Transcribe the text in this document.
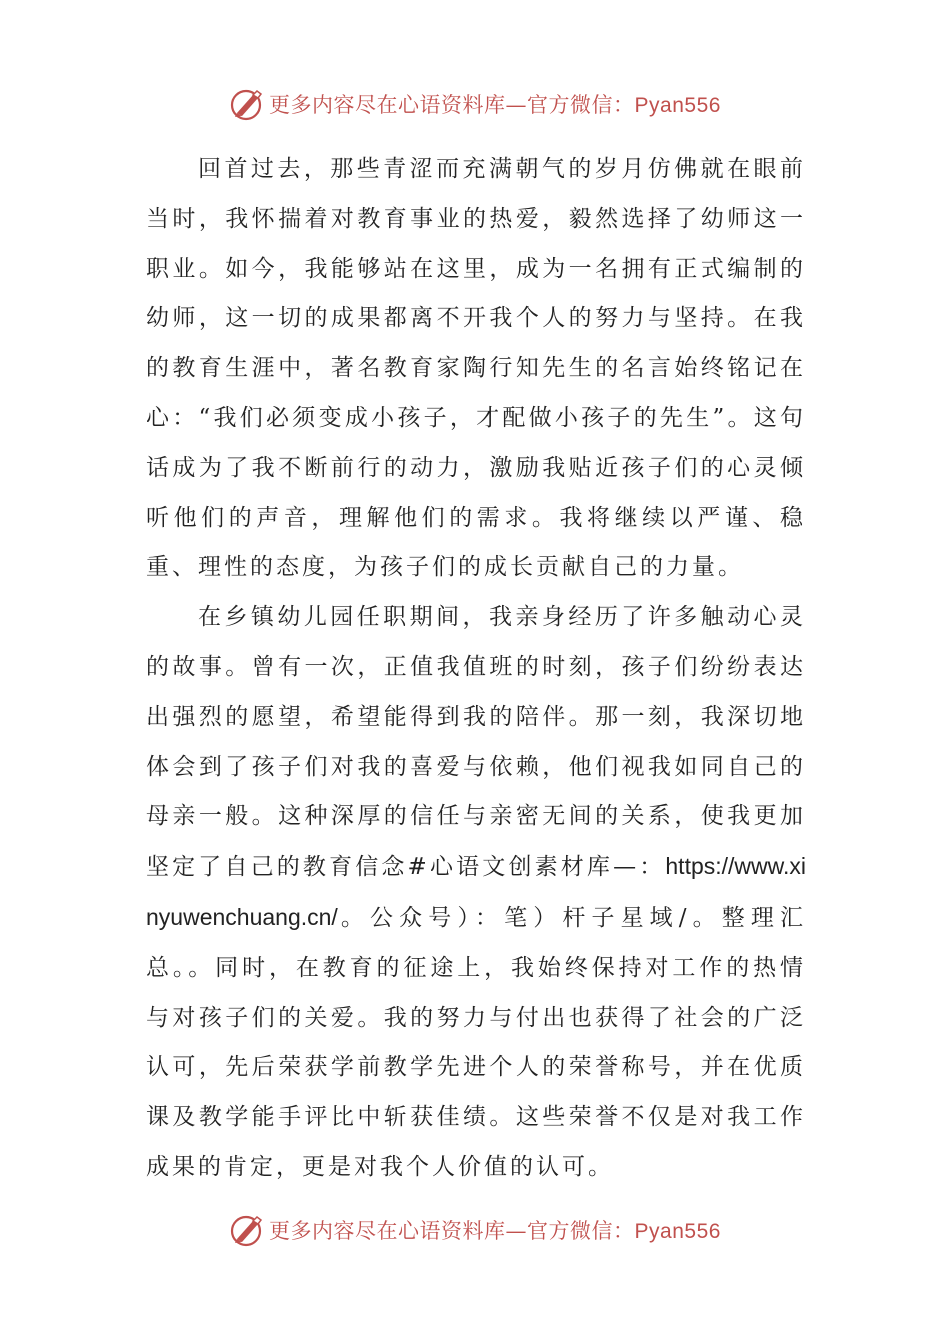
更多内容尽在心语资料库—官方微信：Pyan556

回首过去，那些青涩而充满朝气的岁月仿佛就在眼前当时，我怀揣着对教育事业的热爱，毅然选择了幼师这一职业。如今，我能够站在这里，成为一名拥有正式编制的幼师，这一切的成果都离不开我个人的努力与坚持。在我的教育生涯中，著名教育家陶行知先生的名言始终铭记在心：“我们必须变成小孩子，才配做小孩子的先生”。这句话成为了我不断前行的动力，激励我贴近孩子们的心灵倾听他们的声音，理解他们的需求。我将继续以严谨、稳重、理性的态度，为孩子们的成长贡献自己的力量。

在乡镇幼儿园任职期间，我亲身经历了许多触动心灵的故事。曾有一次，正值我值班的时刻，孩子们纷纷表达出强烈的愿望，希望能得到我的陪伴。那一刻，我深切地体会到了孩子们对我的喜爱与依赖，他们视我如同自己的母亲一般。这种深厚的信任与亲密无间的关系，使我更加坚定了自己的教育信念#心语文创素材库—：https://www.xinyuwenchuang.cn/。公众号）：笔）杆子星域/。整理汇总。。同时，在教育的征途上，我始终保持对工作的热情与对孩子们的关爱。我的努力与付出也获得了社会的广泛认可，先后荣获学前教学先进个人的荣誉称号，并在优质课及教学能手评比中斩获佳绩。这些荣誉不仅是对我工作成果的肯定，更是对我个人价值的认可。

更多内容尽在心语资料库—官方微信：Pyan556
